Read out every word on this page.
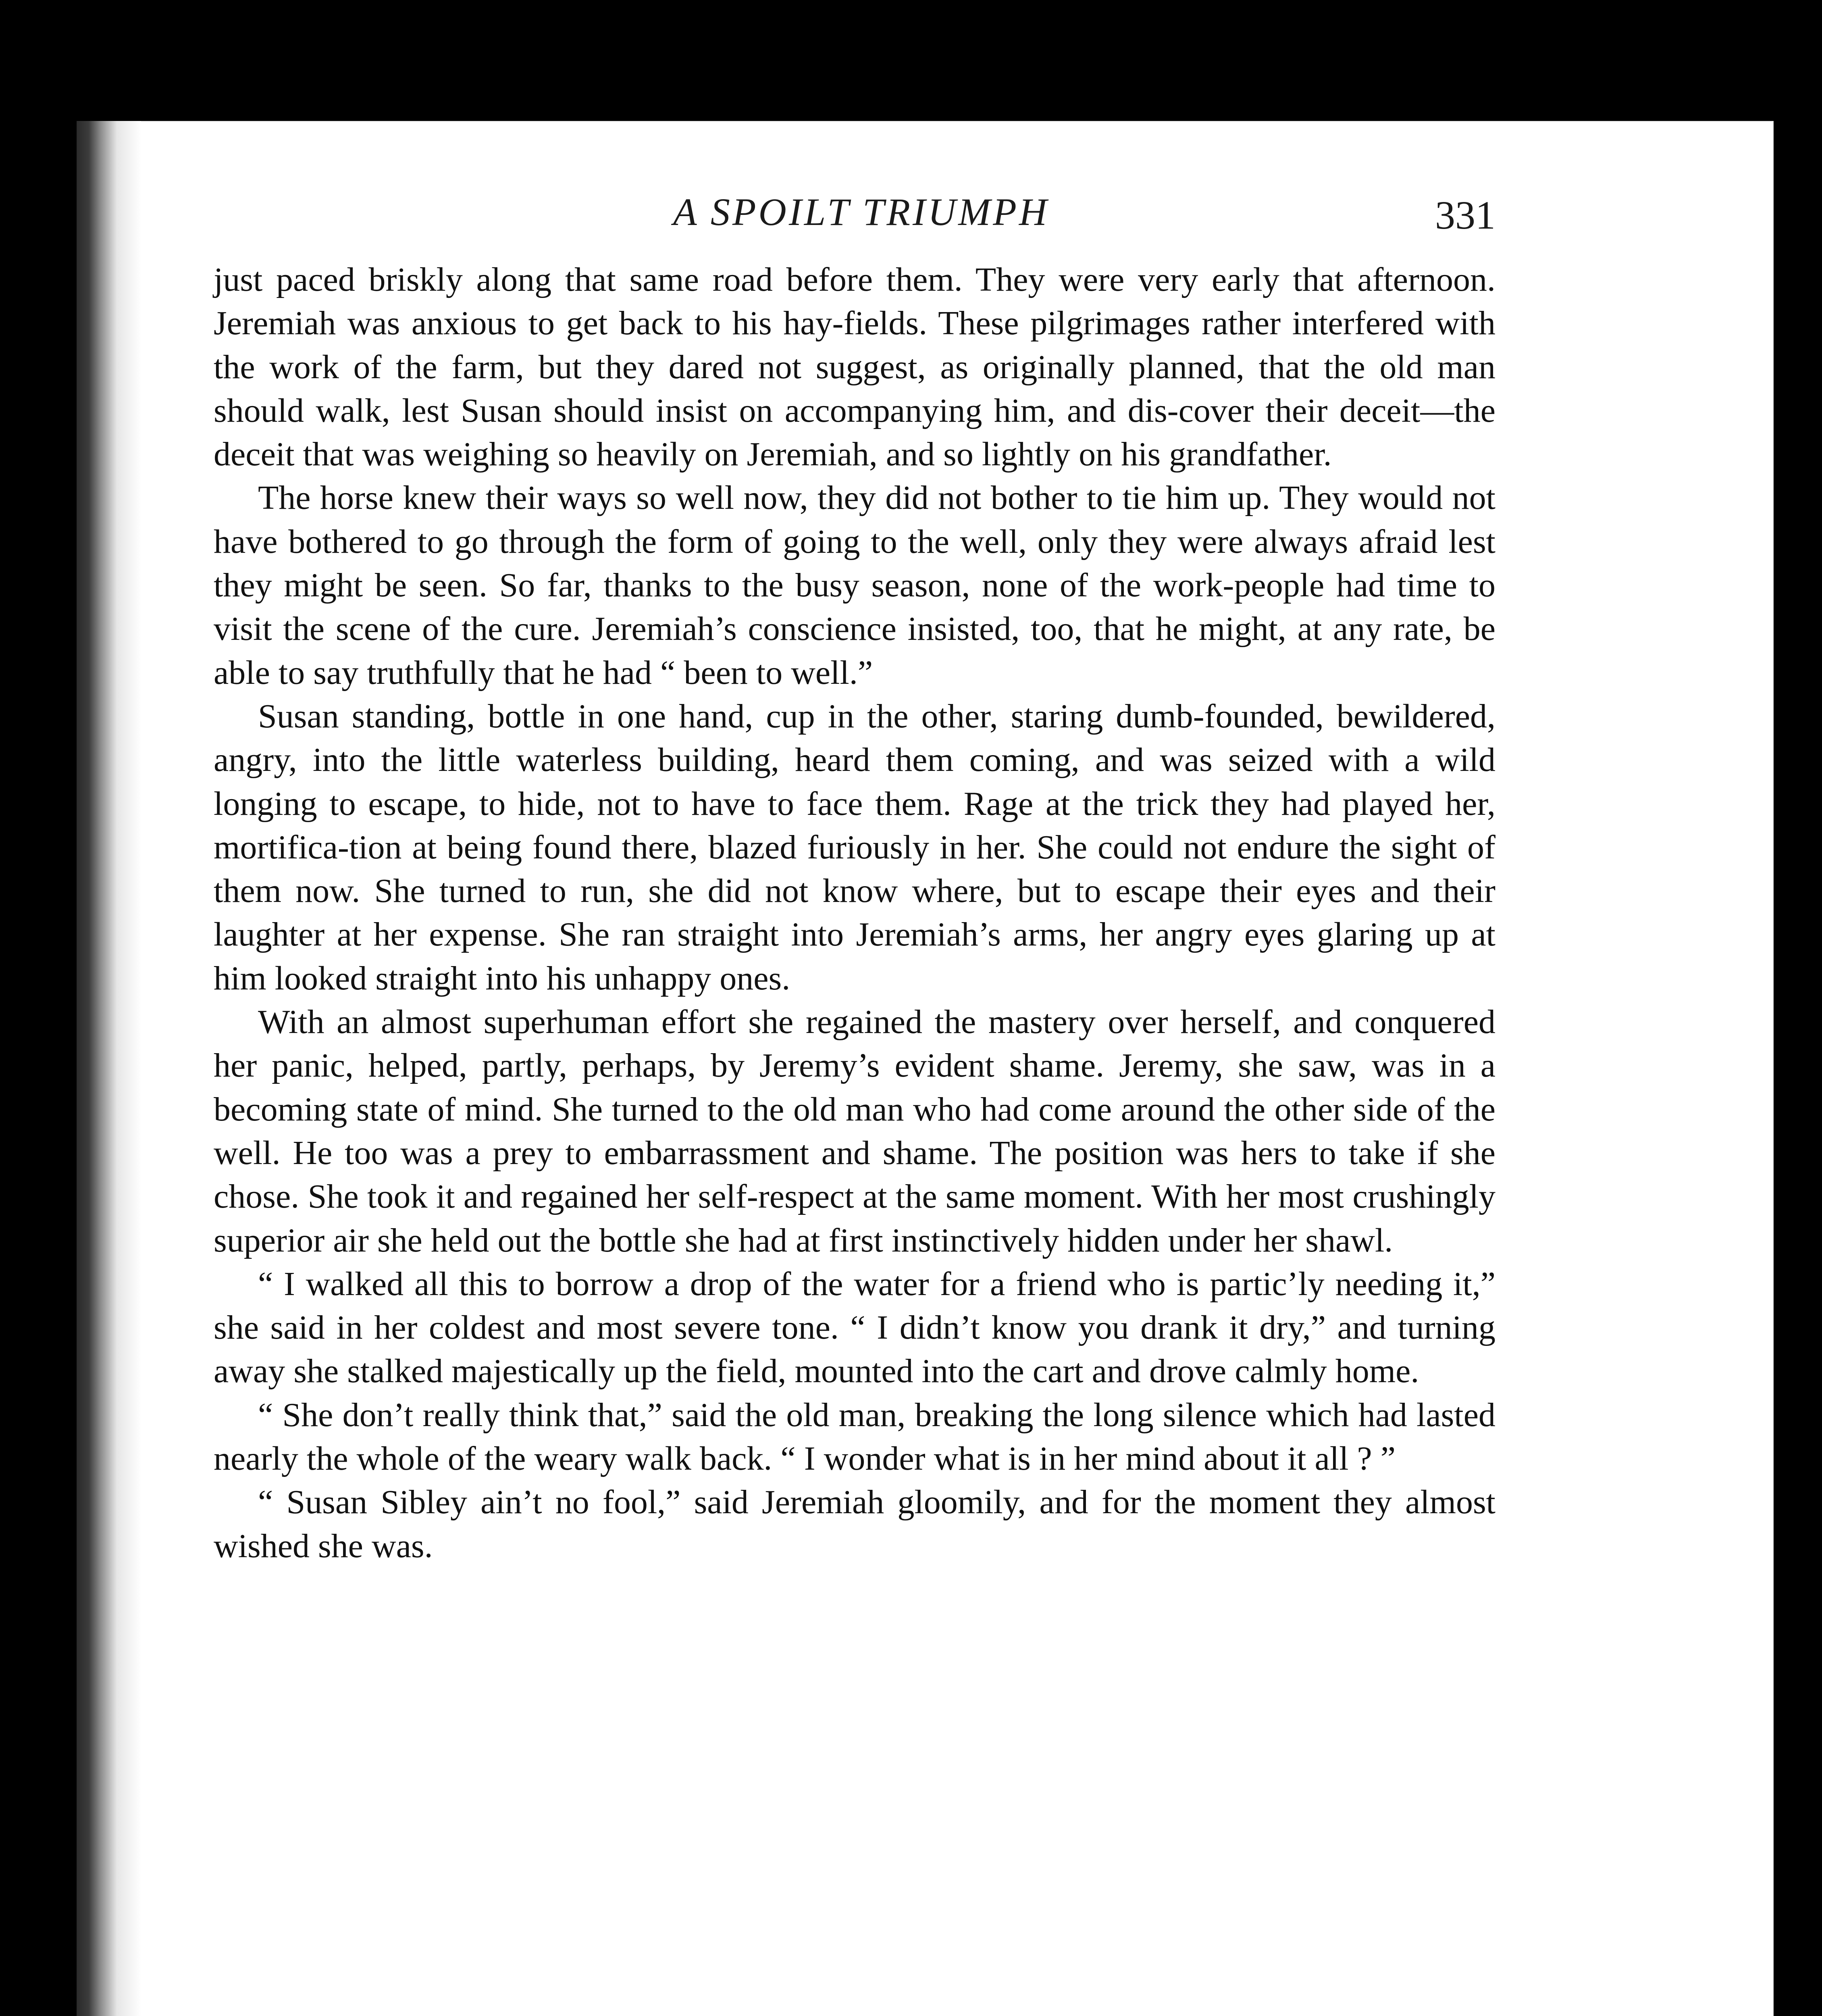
A SPOILT TRIUMPH	331

just paced briskly along that same road before them. They were very early that afternoon. Jeremiah was anxious to get back to his hay-fields. These pilgrimages rather interfered with the work of the farm, but they dared not suggest, as originally planned, that the old man should walk, lest Susan should insist on accompanying him, and dis-cover their deceit—the deceit that was weighing so heavily on Jeremiah, and so lightly on his grandfather.

The horse knew their ways so well now, they did not bother to tie him up. They would not have bothered to go through the form of going to the well, only they were always afraid lest they might be seen. So far, thanks to the busy season, none of the work-people had time to visit the scene of the cure. Jeremiah’s conscience insisted, too, that he might, at any rate, be able to say truthfully that he had “ been to well.”

Susan standing, bottle in one hand, cup in the other, staring dumb-founded, bewildered, angry, into the little waterless building, heard them coming, and was seized with a wild longing to escape, to hide, not to have to face them. Rage at the trick they had played her, mortifica-tion at being found there, blazed furiously in her. She could not endure the sight of them now. She turned to run, she did not know where, but to escape their eyes and their laughter at her expense. She ran straight into Jeremiah’s arms, her angry eyes glaring up at him looked straight into his unhappy ones.

With an almost superhuman effort she regained the mastery over herself, and conquered her panic, helped, partly, perhaps, by Jeremy’s evident shame. Jeremy, she saw, was in a becoming state of mind. She turned to the old man who had come around the other side of the well. He too was a prey to embarrassment and shame. The position was hers to take if she chose. She took it and regained her self-respect at the same moment. With her most crushingly superior air she held out the bottle she had at first instinctively hidden under her shawl.

“ I walked all this to borrow a drop of the water for a friend who is partic’ly needing it,” she said in her coldest and most severe tone. “ I didn’t know you drank it dry,” and turning away she stalked majestically up the field, mounted into the cart and drove calmly home.

“ She don’t really think that,” said the old man, breaking the long silence which had lasted nearly the whole of the weary walk back. “ I wonder what is in her mind about it all ? ”

“ Susan Sibley ain’t no fool,” said Jeremiah gloomily, and for the moment they almost wished she was.
